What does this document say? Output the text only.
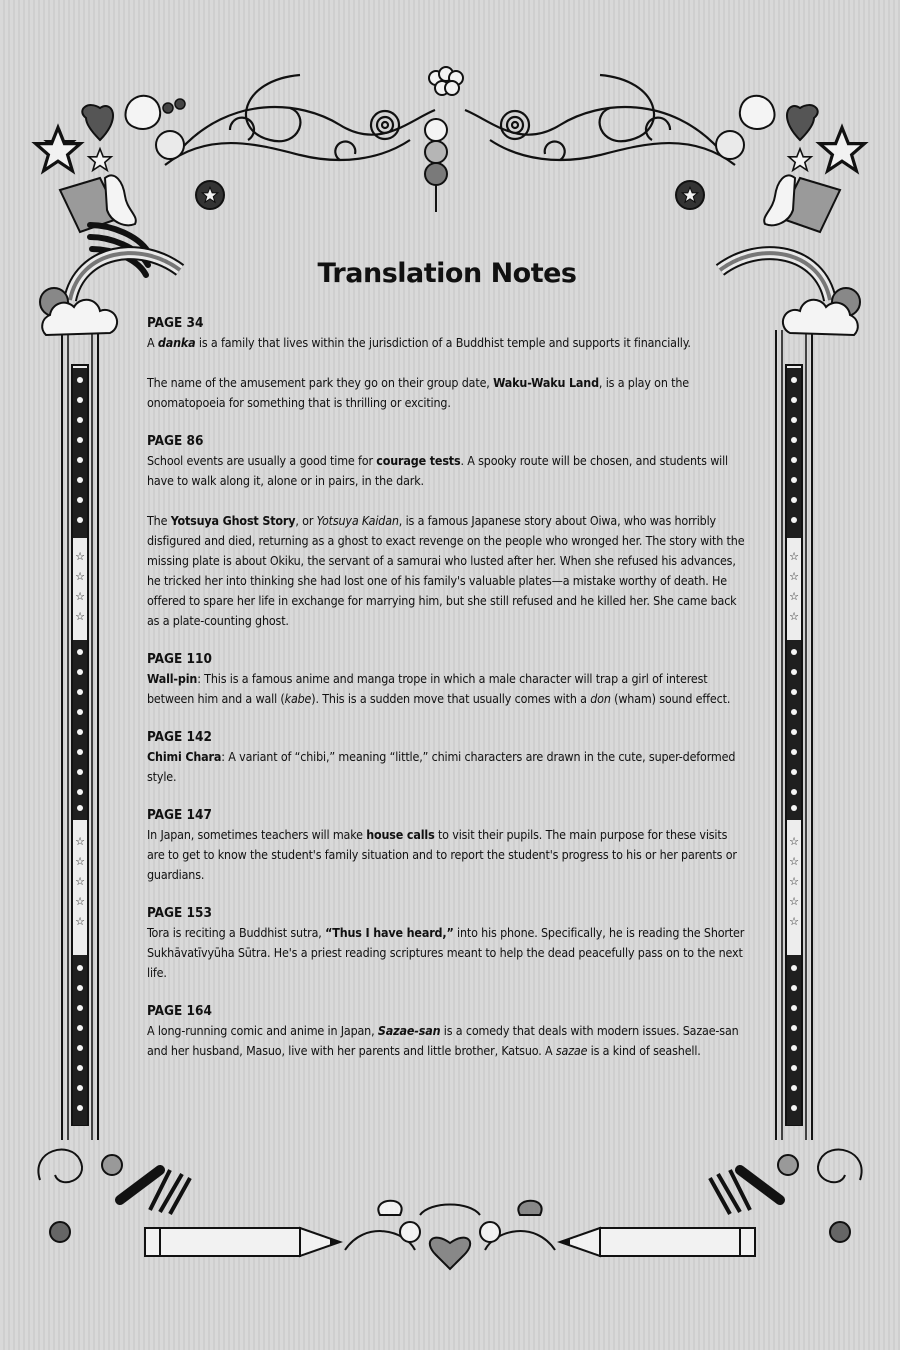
☆
☆
☆
☆
☆
☆
☆
☆
☆
☆
☆
☆
☆
☆
☆
☆
☆
☆
Translation Notes

PAGE 34

A danka is a family that lives within the jurisdiction of a Buddhist temple and supports it financially.

The name of the amusement park they go on their group date, Waku-Waku Land, is a play on the onomatopoeia for something that is thrilling or exciting.

PAGE 86

School events are usually a good time for courage tests. A spooky route will be chosen, and students will have to walk along it, alone or in pairs, in the dark.

The Yotsuya Ghost Story, or Yotsuya Kaidan, is a famous Japanese story about Oiwa, who was horribly disfigured and died, returning as a ghost to exact revenge on the people who wronged her. The story with the missing plate is about Okiku, the servant of a samurai who lusted after her. When she refused his advances, he tricked her into thinking she had lost one of his family's valuable plates—a mistake worthy of death. He offered to spare her life in exchange for marrying him, but she still refused and he killed her. She came back as a plate-counting ghost.

PAGE 110

Wall-pin: This is a famous anime and manga trope in which a male character will trap a girl of interest between him and a wall (kabe). This is a sudden move that usually comes with a don (wham) sound effect.

PAGE 142

Chimi Chara: A variant of “chibi,” meaning “little,” chimi characters are drawn in the cute, super-deformed style.

PAGE 147

In Japan, sometimes teachers will make house calls to visit their pupils. The main purpose for these visits are to get to know the student's family situation and to report the student's progress to his or her parents or guardians.

PAGE 153

Tora is reciting a Buddhist sutra, “Thus I have heard,” into his phone. Specifically, he is reading the Shorter Sukhāvatīvyūha Sūtra. He's a priest reading scriptures meant to help the dead peacefully pass on to the next life.

PAGE 164

A long-running comic and anime in Japan, Sazae-san is a comedy that deals with modern issues. Sazae-san and her husband, Masuo, live with her parents and little brother, Katsuo. A sazae is a kind of seashell.
